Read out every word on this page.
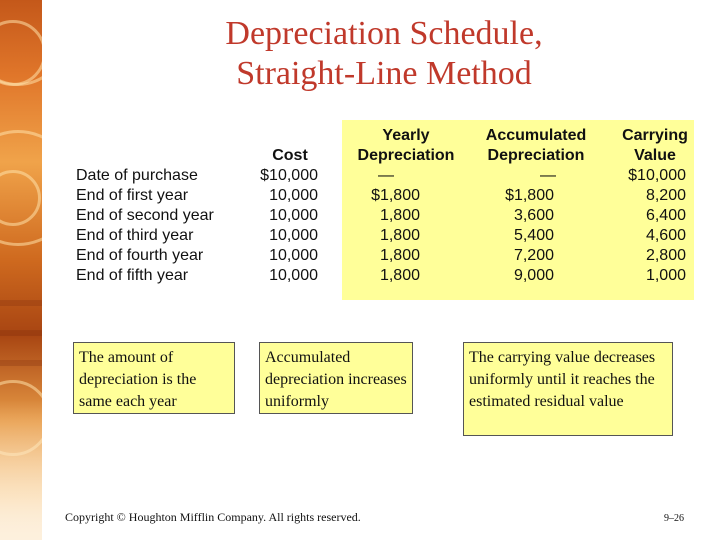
Depreciation Schedule,
Straight-Line Method
Cost
Yearly
Depreciation
Accumulated
Depreciation
Carrying
Value
Date of purchase	$10,000	—	—	$10,000
End of first year	10,000	$1,800	$1,800	8,200
End of second year	10,000	1,800	3,600	6,400
End of third year	10,000	1,800	5,400	4,600
End of fourth year	10,000	1,800	7,200	2,800
End of fifth year	10,000	1,800	9,000	1,000
The amount of depreciation is the same each year
Accumulated depreciation increases uniformly
The carrying value decreases uniformly until it reaches the estimated residual value
Copyright © Houghton Mifflin Company. All rights reserved.	9–26
